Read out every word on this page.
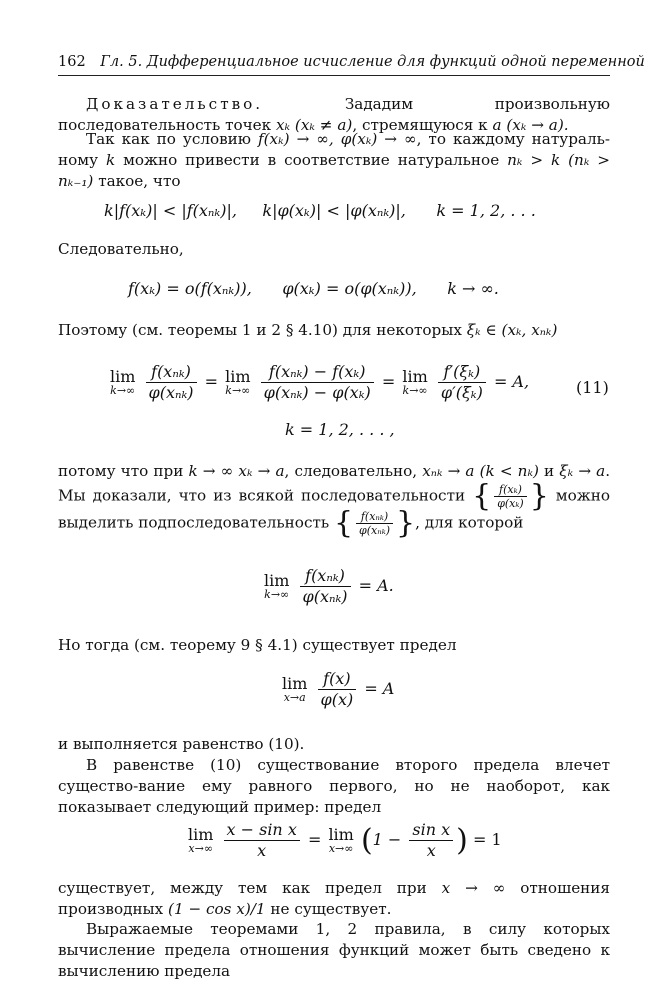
162 Гл. 5. Дифференциальное исчисление для функций одной переменной
Доказательство.	Зададим произвольную последовательность точек xₖ (xₖ ≠ a), стремящуюся к a (xₖ → a).
Так как по условию f(xₖ) → ∞, φ(xₖ) → ∞, то каждому натураль-ному k можно привести в соответствие натуральное nₖ > k (nₖ > nₖ₋₁) такое, что
k|f(xₖ)| < |f(xₙₖ)|, k|φ(xₖ)| < |φ(xₙₖ)|, k = 1, 2, . . .
Следовательно,
f(xₖ) = o(f(xₙₖ)), φ(xₖ) = o(φ(xₙₖ)), k → ∞.
Поэтому (см. теоремы 1 и 2 § 4.10) для некоторых ξₖ ∈ (xₖ, xₙₖ)
lim
k→∞
$\frac{\text{f(xₙₖ)}}{\text{φ(xₙₖ)}} = \lim$
k→∞
$\frac{\text{f(xₙₖ) − f(xₖ)}}{\text{φ(xₙₖ) − φ(xₖ)}} = \lim$
k→∞
$\frac{\text{f′(ξₖ)}}{\text{φ′(ξₖ)}} = A$,	(11)
k = 1, 2, . . . ,
потому что при k → ∞ xₖ → a, следовательно, xₙₖ → a (k < nₖ) и ξₖ → a. Мы доказали, что из всякой последовательности { $\frac{\text{f(xₖ)}}{\text{φ(xₖ)}}$ } можно выделить подпоследовательность { $\frac{\text{f(xₙₖ)}}{\text{φ(xₙₖ)}}$ }, для которой
lim
k→∞
$\frac{\text{f(xₙₖ)}}{\text{φ(xₙₖ)}} = A$.
Но тогда (см. теорему 9 § 4.1) существует предел
lim
x→a
$\frac{f(x)}{\varphi(x)} = A$
и выполняется равенство (10).
В равенстве (10) существование второго предела влечет существо-вание ему равного первого, но не наоборот, как показывает следующий пример: предел
lim
x→∞
$\frac{\text{x − sin x}}{x} = \lim$
x→∞ ($1 - \frac{\text{sin x}}{x}$ ) = 1
существует, между тем как предел при x → ∞ отношения производных (1 − cos x)/1 не существует.
Выражаемые теоремами 1, 2 правила, в силу которых вычисление предела отношения функций может быть сведено к вычислению предела
